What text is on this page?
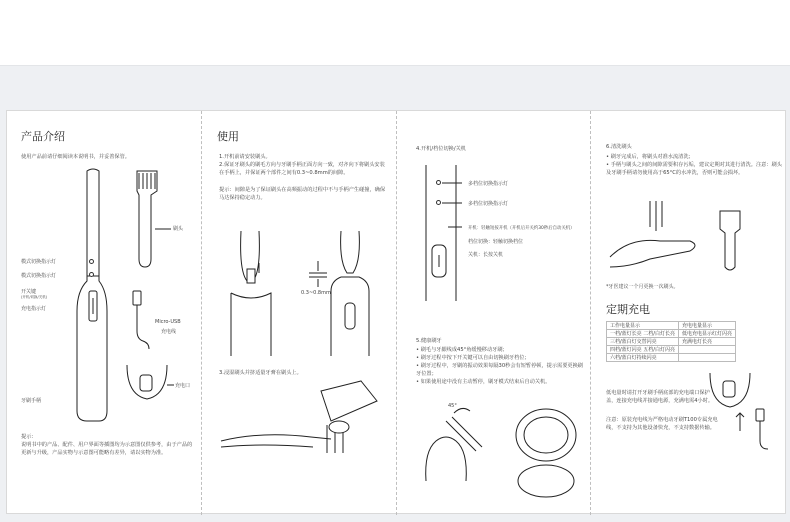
产品介绍
使用产品前请仔细阅读本说明书，并妥善保管。
刷头
模式切换指示灯
模式切换指示灯
开关键
(开机/切换/关机)
充电指示灯
牙刷手柄
Micro-USB
充电线
充电口
提示：
说明书中的产品、配件、用户界面等插图均为示意图仅供参考，由于产品的更新与升级，产品实物与示意图可能略有差异，请以实物为准。
使用
1.开机前请安装刷头。
2.保证牙刷头的刷毛方向与牙刷手柄正面方向一致，对齐向下将刷头安装在手柄上，并保证两个部件之间有0.3~0.8mm的间隙。
提示：间隙是为了保证刷头在高频振动的过程中不与手柄产生碰撞，确保马达保持稳定动力。
0.3~0.8mm
3.浸湿刷头并挤适量牙膏在刷头上。
4.开机/档位切换/关机
多档位切换指示灯
多档位切换指示灯
开机：轻触短按开机（开机后开关约30秒后自动关机）
档位切换：轻触切换档位
关机：长按关机
5.健康刷牙
• 刷毛与牙龈线成45°角缓慢移动牙刷；
• 刷牙过程中按下开关键可以自由切换刷牙档位；
• 刷牙过程中，牙刷的振动效果每隔30秒会有短暂停顿，提示需要更换刷牙位置；
• 如果使用途中没有主动暂停，刷牙模式结束后自动关机。
45°
6.清洗刷头
• 刷牙完成后，将刷头对准水流清洗；
• 手柄与刷头之间的间隙需要积存污垢，建议定期对其进行清洗。注意：刷头及牙刷手柄请勿使用高于65°C的水冲洗，否则可能会损坏。
*牙医建议一个月更换一次刷头。
定期充电
工作电量显示	充电电量显示
一档/蓝灯长亮 二档/白灯长亮	低电充电显示红灯闪亮
三档/蓝白灯交替闪亮	充满电灯长亮
四档/蓝灯闪亮 五档/白灯闪亮	
六档/蓝白灯持续闪亮	
低电量时请打开牙刷手柄底部的充电端口保护盖，连接充电线并接通电源，充满电需4小时。
注意：原装充电线为严格电动牙刷T100专属充电线，不支持为其他设备快充，不支持数据传输。
